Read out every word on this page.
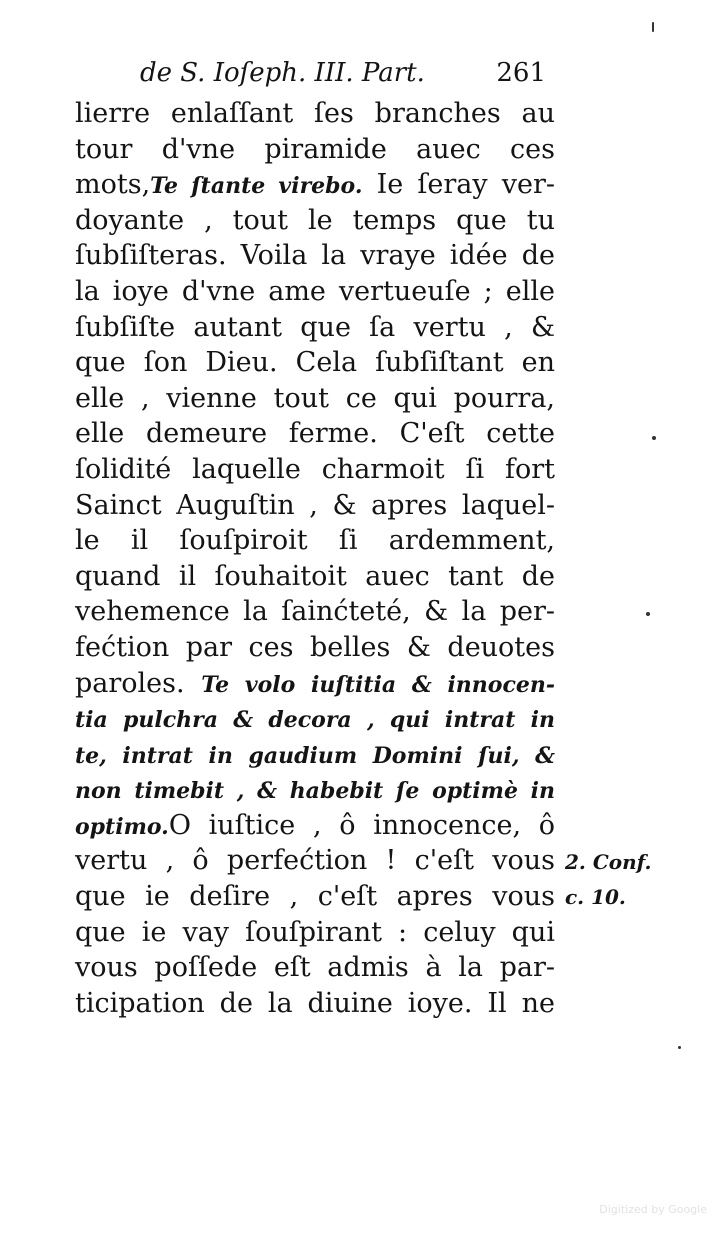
de S. Ioſeph. III. Part.	261
lierre enlaſſant ſes branches au
tour d'vne piramide auec ces
mots,Te ſtante virebo. Ie ſeray ver-
doyante , tout le temps que tu
ſubſiſteras. Voila la vraye idée de
la ioye d'vne ame vertueuſe ; elle
ſubſiſte autant que ſa vertu , &
que ſon Dieu. Cela ſubſiſtant en
elle , vienne tout ce qui pourra,
elle demeure ferme. C'eſt cette
ſolidité laquelle charmoit ſi fort
Sainct Auguſtin , & apres laquel-
le il ſouſpiroit ſi ardemment,
quand il ſouhaitoit auec tant de
vehemence la ſainćteté, & la per-
fećtion par ces belles & deuotes
paroles. Te volo iuſtitia & innocen-
tia pulchra & decora , qui intrat in
te, intrat in gaudium Domini ſui, &
non timebit , & habebit ſe optimè in
optimo.O iuſtice , ô innocence, ô
vertu , ô perfećtion ! c'eſt vous
que ie deſire , c'eſt apres vous
que ie vay ſouſpirant : celuy qui
vous poſſede eſt admis à la par-
ticipation de la diuine ioye. Il ne
2. Conf.
c. 10.
Digitized by Google
